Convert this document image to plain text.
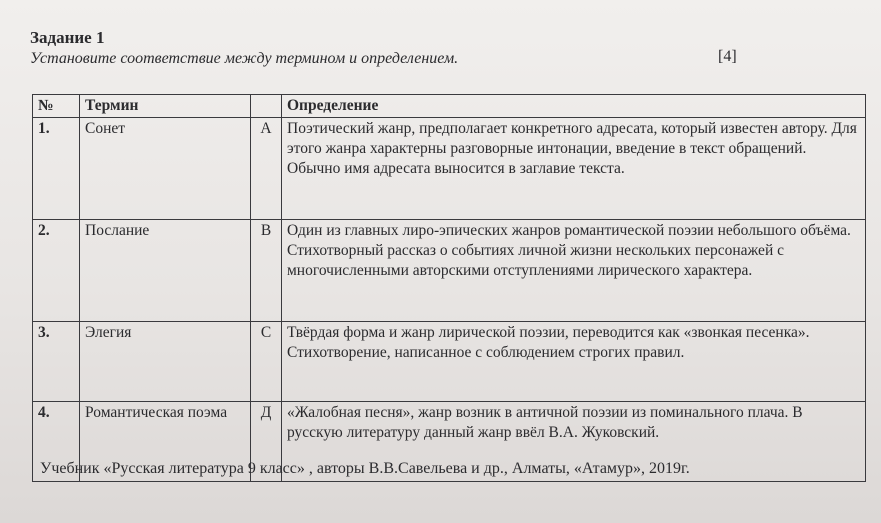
Задание 1
Установите соответствие между термином и определением.	[4]
№	Термин		Определение
1.	Сонет	А	Поэтический жанр, предполагает конкретного адресата, который известен автору. Для этого жанра характерны разговорные интонации, введение в текст обращений. Обычно имя адресата выносится в заглавие текста.
2.	Послание	В	Один из главных лиро-эпических жанров романтической поэзии небольшого объёма. Стихотворный рассказ о событиях личной жизни нескольких персонажей с многочисленными авторскими отступлениями лирического характера.
3.	Элегия	С	Твёрдая форма и жанр лирической поэзии, переводится как «звонкая песенка». Стихотворение, написанное с соблюдением строгих правил.
4.	Романтическая поэма	Д	«Жалобная песня», жанр возник в античной поэзии из поминального плача. В русскую литературу данный жанр ввёл В.А. Жуковский.
Учебник «Русская литература 9 класс» , авторы В.В.Савельева и др., Алматы, «Атамур», 2019г.
